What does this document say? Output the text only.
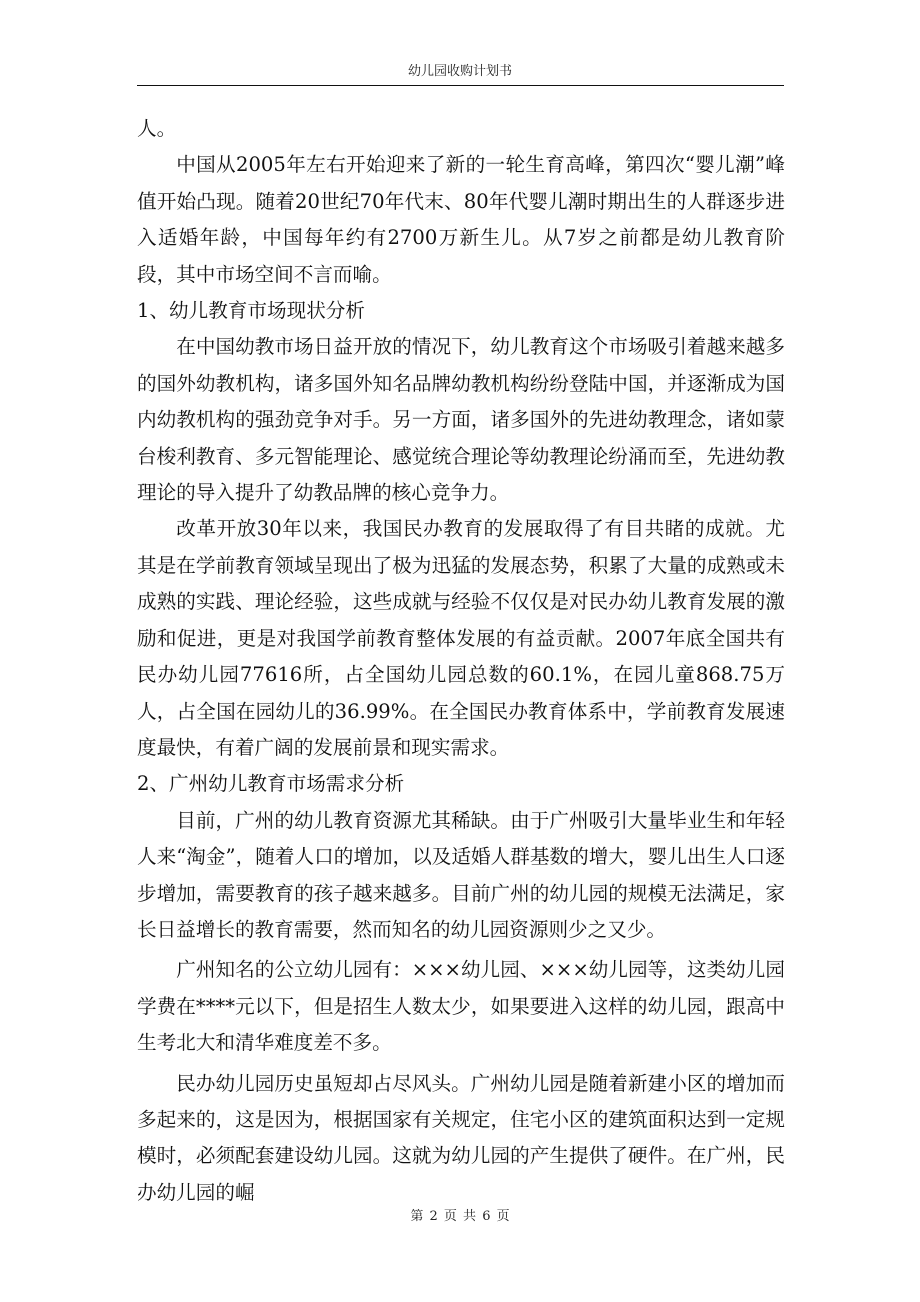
幼儿园收购计划书

人。

中国从2005年左右开始迎来了新的一轮生育高峰，第四次“婴儿潮”峰值开始凸现。随着20世纪70年代末、80年代婴儿潮时期出生的人群逐步进入适婚年龄，中国每年约有2700万新生儿。从7岁之前都是幼儿教育阶段，其中市场空间不言而喻。

1、幼儿教育市场现状分析

在中国幼教市场日益开放的情况下，幼儿教育这个市场吸引着越来越多的国外幼教机构，诸多国外知名品牌幼教机构纷纷登陆中国，并逐渐成为国内幼教机构的强劲竞争对手。另一方面，诸多国外的先进幼教理念，诸如蒙台梭利教育、多元智能理论、感觉统合理论等幼教理论纷涌而至，先进幼教理论的导入提升了幼教品牌的核心竞争力。

改革开放30年以来，我国民办教育的发展取得了有目共睹的成就。尤其是在学前教育领域呈现出了极为迅猛的发展态势，积累了大量的成熟或未成熟的实践、理论经验，这些成就与经验不仅仅是对民办幼儿教育发展的激励和促进，更是对我国学前教育整体发展的有益贡献。2007年底全国共有民办幼儿园77616所，占全国幼儿园总数的60.1%，在园儿童868.75万人，占全国在园幼儿的36.99%。在全国民办教育体系中，学前教育发展速度最快，有着广阔的发展前景和现实需求。

2、广州幼儿教育市场需求分析

目前，广州的幼儿教育资源尤其稀缺。由于广州吸引大量毕业生和年轻人来“淘金”，随着人口的增加，以及适婚人群基数的增大，婴儿出生人口逐步增加，需要教育的孩子越来越多。目前广州的幼儿园的规模无法满足，家长日益增长的教育需要，然而知名的幼儿园资源则少之又少。

广州知名的公立幼儿园有：×××幼儿园、×××幼儿园等，这类幼儿园学费在****元以下，但是招生人数太少，如果要进入这样的幼儿园，跟高中生考北大和清华难度差不多。

民办幼儿园历史虽短却占尽风头。广州幼儿园是随着新建小区的增加而多起来的，这是因为，根据国家有关规定，住宅小区的建筑面积达到一定规模时，必须配套建设幼儿园。这就为幼儿园的产生提供了硬件。在广州，民办幼儿园的崛

第 2 页 共 6 页
